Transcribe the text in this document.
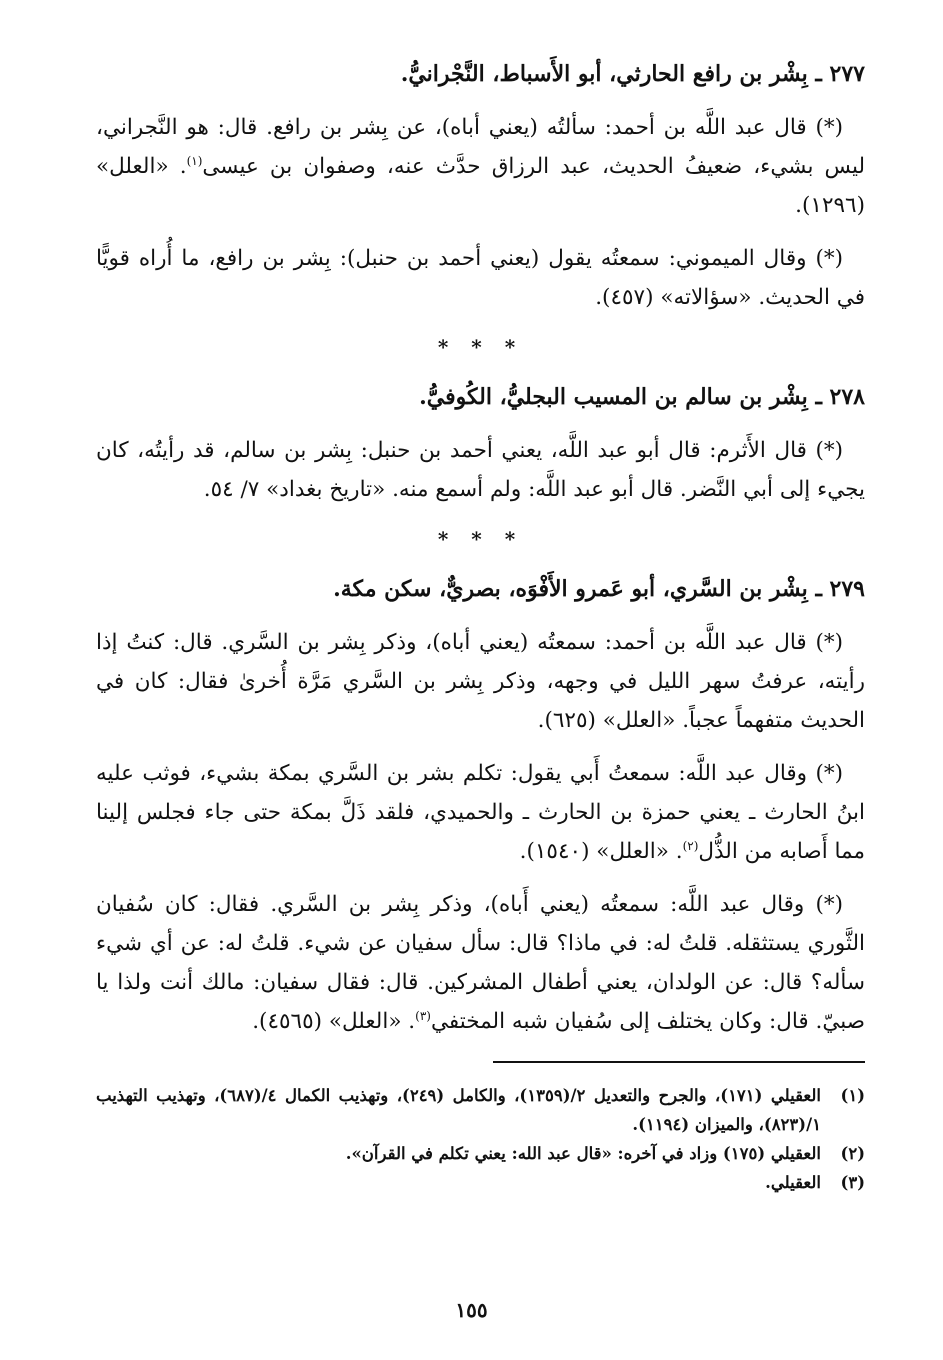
٢٧٧ ـ بِشْر بن رافع الحارثي، أبو الأَسباط، النَّجْرانيُّ.

(*) قال عبد اللَّه بن أحمد: سألتُه (يعني أباه)، عن بِشر بن رافع. قال: هو النَّجراني، ليس بشيء، ضعيفُ الحديث، عبد الرزاق حدَّث عنه، وصفوان بن عيسى$^{(١)}$. «العلل» (١٢٩٦).

(*) وقال الميموني: سمعتُه يقول (يعني أحمد بن حنبل): بِشر بن رافع، ما أُراه قويًّا في الحديث. «سؤالاته» (٤٥٧).

* * *
٢٧٨ ـ بِشْر بن سالم بن المسيب البجليُّ، الكُوفيُّ.

(*) قال الأَثرم: قال أبو عبد اللَّه، يعني أحمد بن حنبل: بِشر بن سالم، قد رأيتُه، كان يجيء إلى أبي النَّضر. قال أبو عبد اللَّه: ولم أسمع منه. «تاريخ بغداد» ٧/ ٥٤.

* * *
٢٧٩ ـ بِشْر بن السَّري، أبو عَمرو الأَفْوَه، بصريٌّ، سكن مكة.

(*) قال عبد اللَّه بن أحمد: سمعتُه (يعني أباه)، وذكر بِشر بن السَّري. قال: كنتُ إذا رأيته، عرفتُ سهر الليل في وجهه، وذكر بِشر بن السَّري مَرَّة أُخرىٰ فقال: كان في الحديث متفهماً عجباً. «العلل» (٦٢٥).

(*) وقال عبد اللَّه: سمعتُ أَبي يقول: تكلم بشر بن السَّري بمكة بشيء، فوثب عليه ابنُ الحارث ـ يعني حمزة بن الحارث ـ والحميدي، فلقد ذَلَّ بمكة حتى جاء فجلس إلينا مما أَصابه من الذُّل$^{(٢)}$. «العلل» (١٥٤٠).

(*) وقال عبد اللَّه: سمعتُه (يعني أَباه)، وذكر بِشر بن السَّري. فقال: كان سُفيان الثَّوري يستثقله. قلتُ له: في ماذا؟ قال: سأل سفيان عن شيء. قلتُ له: عن أي شيء سأله؟ قال: عن الولدان، يعني أطفال المشركين. قال: فقال سفيان: مالك أنت ولذا يا صبيّ. قال: وكان يختلف إلى سُفيان شبه المختفي$^{(٣)}$. «العلل» (٤٥٦٥).

(١)
العقيلي (١٧١)، والجرح والتعديل ٢/(١٣٥٩)، والكامل (٢٤٩)، وتهذيب الكمال ٤/(٦٨٧)، وتهذيب التهذيب ١/(٨٢٣)، والميزان (١١٩٤).

(٢)
العقيلي (١٧٥) وزاد في آخره: «قال عبد الله: يعني تكلم في القرآن».

(٣)
العقيلي.

١٥٥
